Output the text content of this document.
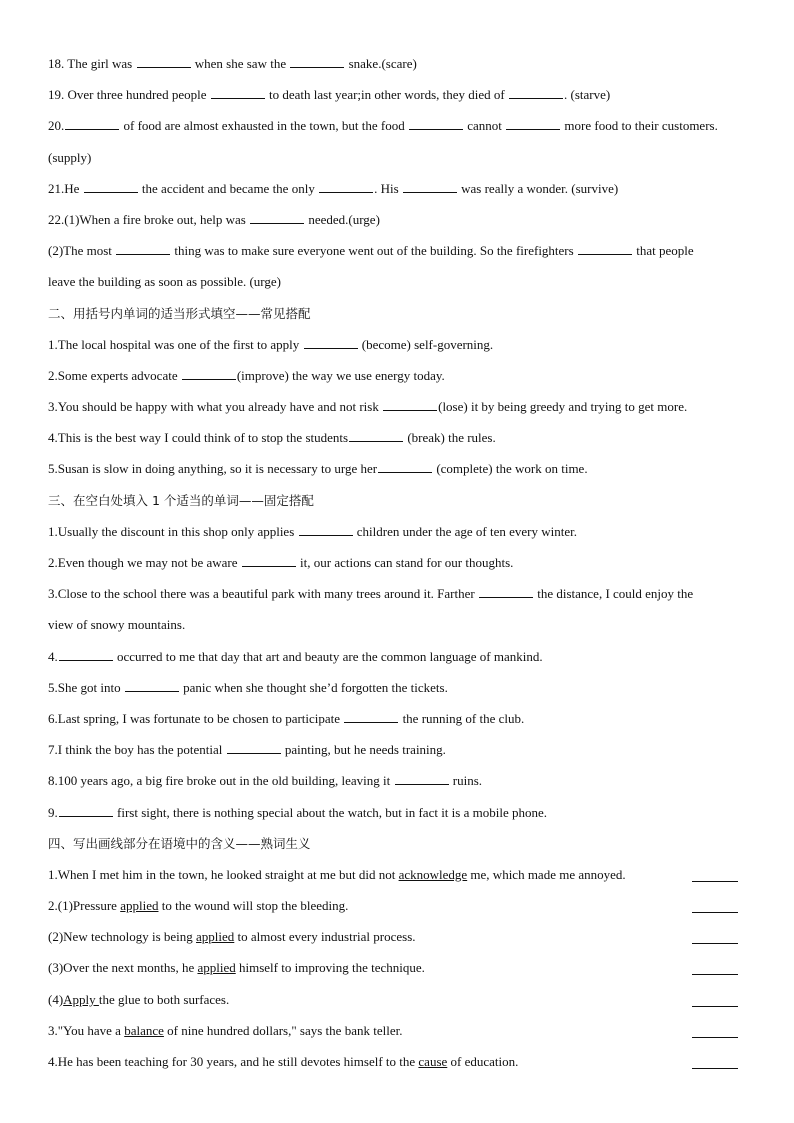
18. The girl was	when she saw the	snake.(scare)
19. Over three hundred people	to death last year;in other words, they died of	. (starve)
20.	of food are almost exhausted in the town, but the food	cannot	more food to their customers.
(supply)
21.He	the accident and became the only	. His	was really a wonder. (survive)
22.(1)When a fire broke out, help was	needed.(urge)
(2)The most	thing was to make sure everyone went out of the building. So the firefighters	that people
leave the building as soon as possible. (urge)
二、用括号内单词的适当形式填空——常见搭配
1.The local hospital was one of the first to apply	(become) self-governing.
2.Some experts advocate	(improve) the way we use energy today.
3.You should be happy with what you already have and not risk	(lose) it by being greedy and trying to get more.
4.This is the best way I could think of to stop the students	(break) the rules.
5.Susan is slow in doing anything, so it is necessary to urge her	(complete) the work on time.
三、在空白处填入 1 个适当的单词——固定搭配
1.Usually the discount in this shop only applies	children under the age of ten every winter.
2.Even though we may not be aware	it, our actions can stand for our thoughts.
3.Close to the school there was a beautiful park with many trees around it. Farther	the distance, I could enjoy the
view of snowy mountains.
4.	occurred to me that day that art and beauty are the common language of mankind.
5.She got into	panic when she thought she’d forgotten the tickets.
6.Last spring, I was fortunate to be chosen to participate	the running of the club.
7.I think the boy has the potential	painting, but he needs training.
8.100 years ago, a big fire broke out in the old building, leaving it	ruins.
9.	first sight, there is nothing special about the watch, but in fact it is a mobile phone.
四、写出画线部分在语境中的含义——熟词生义
1.When I met him in the town, he looked straight at me but did not acknowledge me, which made me annoyed.
2.(1)Pressure applied to the wound will stop the bleeding.
(2)New technology is being applied to almost every industrial process.
(3)Over the next months, he applied himself to improving the technique.
(4)Apply the glue to both surfaces.
3."You have a balance of nine hundred dollars," says the bank teller.
4.He has been teaching for 30 years, and he still devotes himself to the cause of education.
